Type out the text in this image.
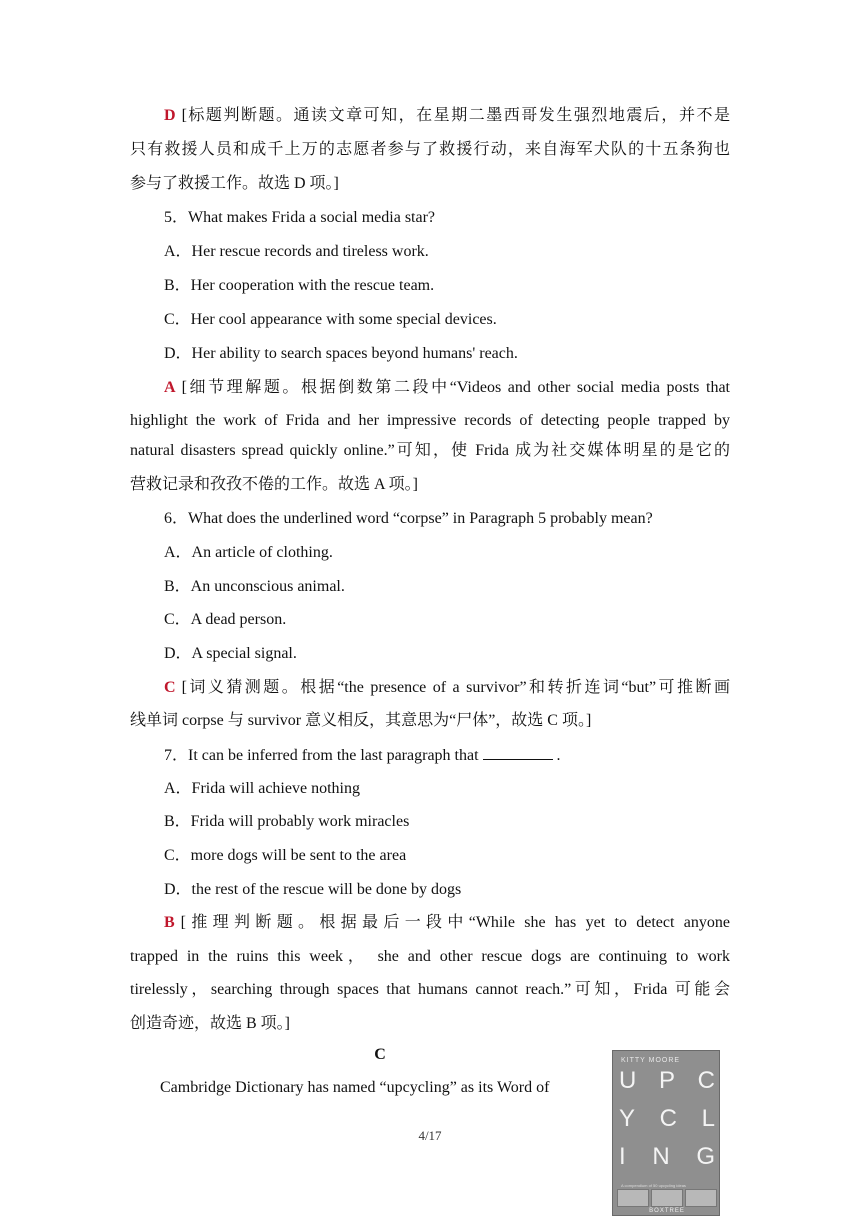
D [标题判断题。通读文章可知，在星期二墨西哥发生强烈地震后，并不是
只有救援人员和成千上万的志愿者参与了救援行动，来自海军犬队的十五条狗也
参与了救援工作。故选 D 项。]
5．What makes Frida a social media star?
A．Her rescue records and tireless work.
B．Her cooperation with the rescue team.
C．Her cool appearance with some special devices.
D．Her ability to search spaces beyond humans' reach.
A [细节理解题。根据倒数第二段中“Videos and other social media posts that
highlight the work of Frida and her impressive records of detecting people trapped by
natural disasters spread quickly online.”可知，使 Frida 成为社交媒体明星的是它的
营救记录和孜孜不倦的工作。故选 A 项。]
6．What does the underlined word “corpse” in Paragraph 5 probably mean?
A．An article of clothing.
B．An unconscious animal.
C．A dead person.
D．A special signal.
C [词义猜测题。根据“the presence of a survivor”和转折连词“but”可推断画
线单词 corpse 与 survivor 意义相反，其意思为“尸体”，故选 C 项。]
7．It can be inferred from the last paragraph that	.
A．Frida will achieve nothing
B．Frida will probably work miracles
C．more dogs will be sent to the area
D．the rest of the rescue will be done by dogs
B [推理判断题。根据最后一段中“While she has yet to detect anyone
trapped in the ruins this week， she and other rescue dogs are continuing to work
tirelessly，searching through spaces that humans cannot reach.”可知，Frida 可能会
创造奇迹，故选 B 项。]
C
Cambridge Dictionary has named “upcycling” as its Word of
4/17
KITTY MOORE
U P C
Y C L
I N G
A compendium of 50 upcycling ideas
BOXTREE
